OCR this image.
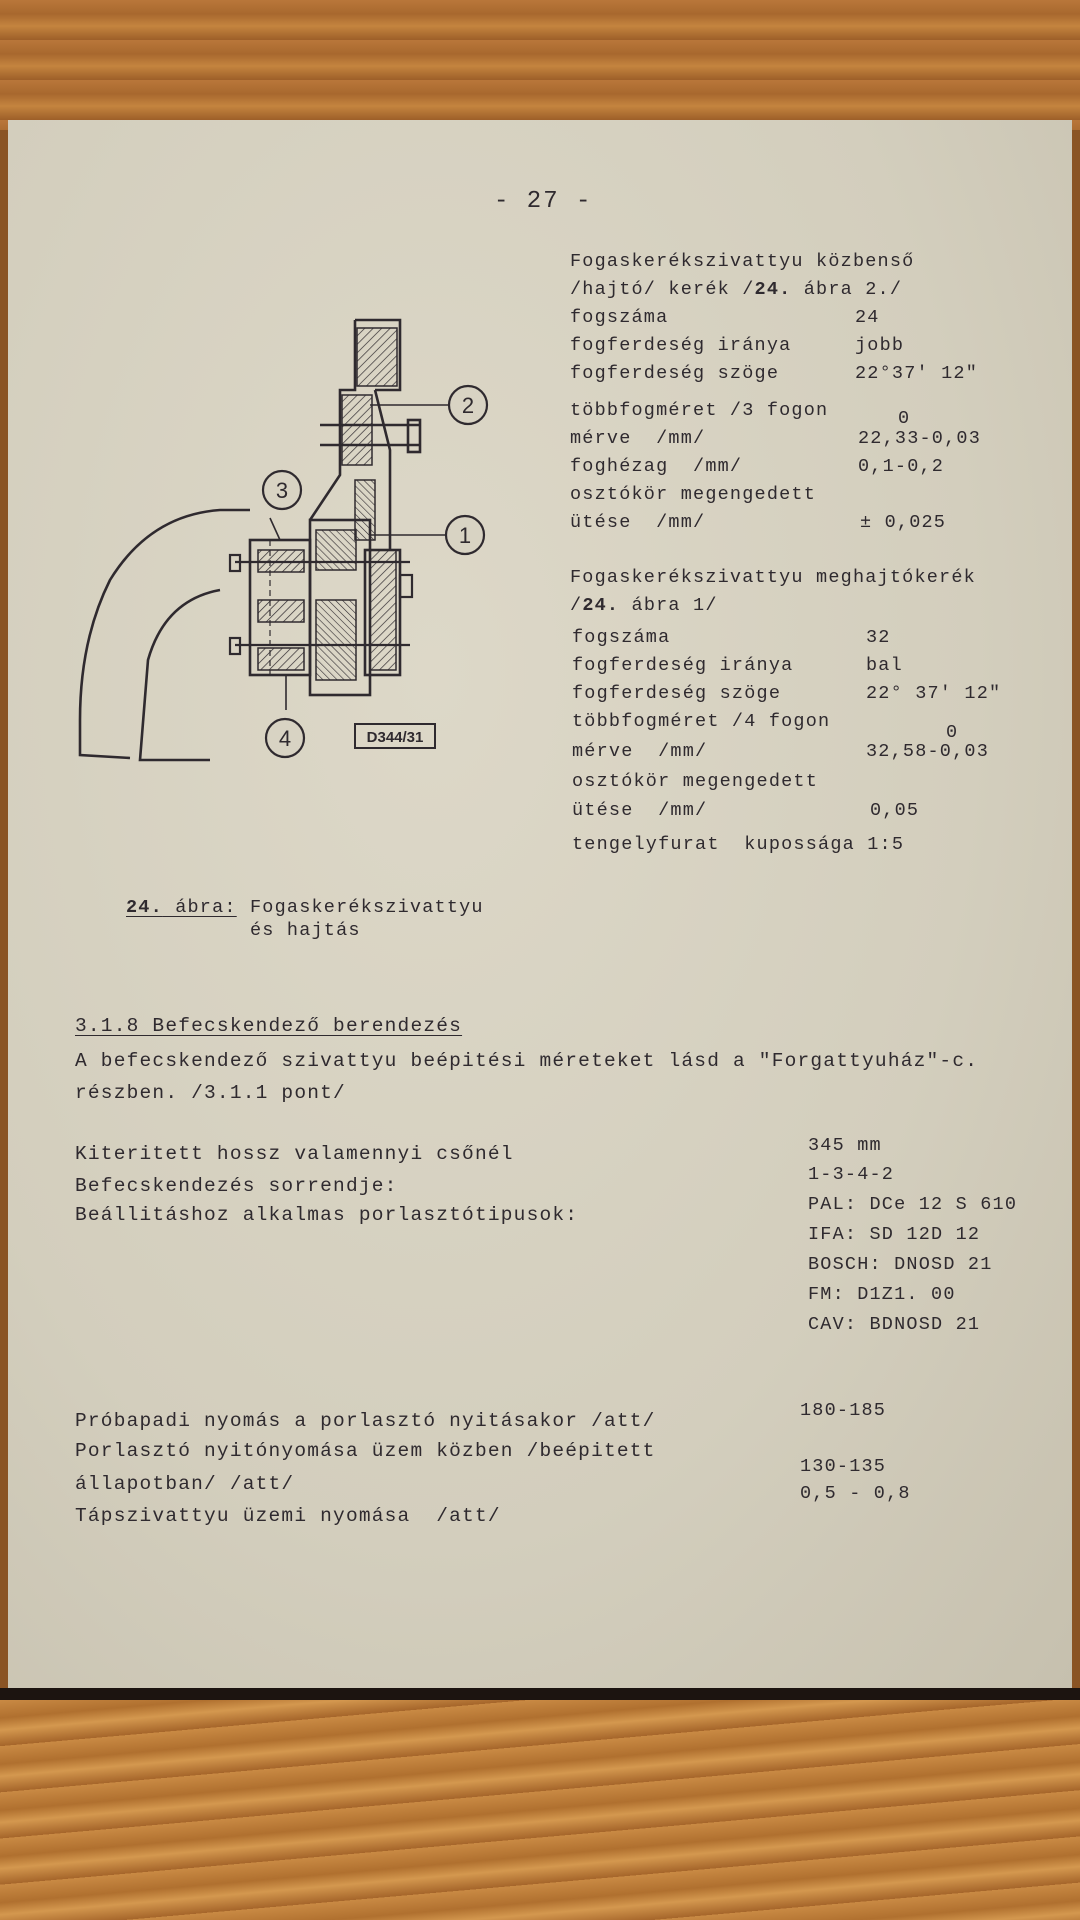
- 27 -
Fogaskerékszivattyu közbenső
/hajtó/ kerék /24. ábra 2./
fogszáma	24
fogferdeség iránya	jobb
fogferdeség szöge	22°37' 12"
többfogméret /3 fogon	0
mérve  /mm/	22,33-0,03
foghézag  /mm/	0,1-0,2
osztókör megengedett
ütése  /mm/	± 0,025
Fogaskerékszivattyu meghajtókerék
/24. ábra 1/
fogszáma	32
fogferdeség iránya	bal
fogferdeség szöge	22° 37' 12"
többfogméret /4 fogon
0
mérve  /mm/	32,58-0,03
osztókör megengedett
ütése  /mm/	0,05
tengelyfurat  kupossága 1:5
2
1
3
4	D344/31
24. ábra: Fogaskerékszivattyu
és hajtás
3.1.8 Befecskendező berendezés
A befecskendező szivattyu beépitési méreteket lásd a "Forgattyuház"-c.
részben. /3.1.1 pont/
Kiteritett hossz valamennyi csőnél	345 mm
Befecskendezés sorrendje:
1-3-4-2
Beállitáshoz alkalmas porlasztótipusok:	PAL: DCe 12 S 610
IFA: SD 12D 12
BOSCH: DNOSD 21
FM: D1Z1. 00
CAV: BDNOSD 21
Próbapadi nyomás a porlasztó nyitásakor /att/	180-185
Porlasztó nyitónyomása üzem közben /beépitett
állapotban/ /att/
130-135
Tápszivattyu üzemi nyomása  /att/
0,5 - 0,8
